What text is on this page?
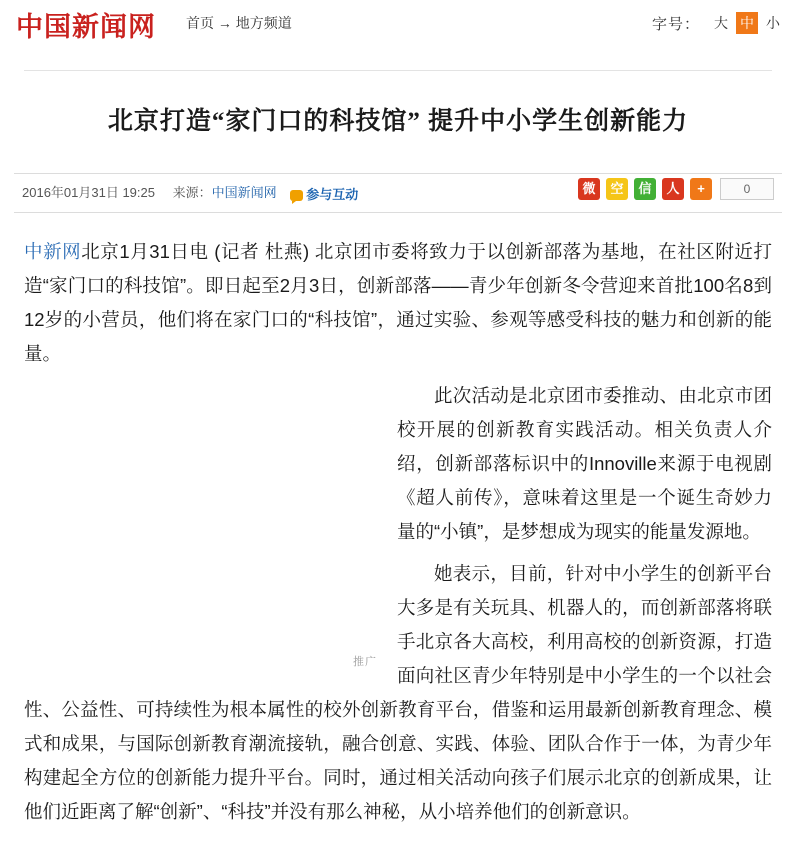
中国新闻网	首页 → 地方频道	字号： 大 中 小
北京打造“家门口的科技馆” 提升中小学生创新能力
2016年01月31日 19:25 来源：中国新闻网 参与互动	微	空	信	人	+	0

中新网北京1月31日电 (记者 杜燕) 北京团市委将致力于以创新部落为基地，在社区附近打造“家门口的科技馆”。即日起至2月3日，创新部落——青少年创新冬令营迎来首批100名8到12岁的小营员，他们将在家门口的“科技馆”，通过实验、参观等感受科技的魅力和创新的能量。

推广

此次活动是北京团市委推动、由北京市团校开展的创新教育实践活动。相关负责人介绍，创新部落标识中的Innoville来源于电视剧《超人前传》，意味着这里是一个诞生奇妙力量的“小镇”，是梦想成为现实的能量发源地。

她表示，目前，针对中小学生的创新平台大多是有关玩具、机器人的，而创新部落将联手北京各大高校，利用高校的创新资源，打造面向社区青少年特别是中小学生的一个以社会性、公益性、可持续性为根本属性的校外创新教育平台，借鉴和运用最新创新教育理念、模式和成果，与国际创新教育潮流接轨，融合创意、实践、体验、团队合作于一体，为青少年构建起全方位的创新能力提升平台。同时，通过相关活动向孩子们展示北京的创新成果，让他们近距离了解“创新”、“科技”并没有那么神秘，从小培养他们的创新意识。
